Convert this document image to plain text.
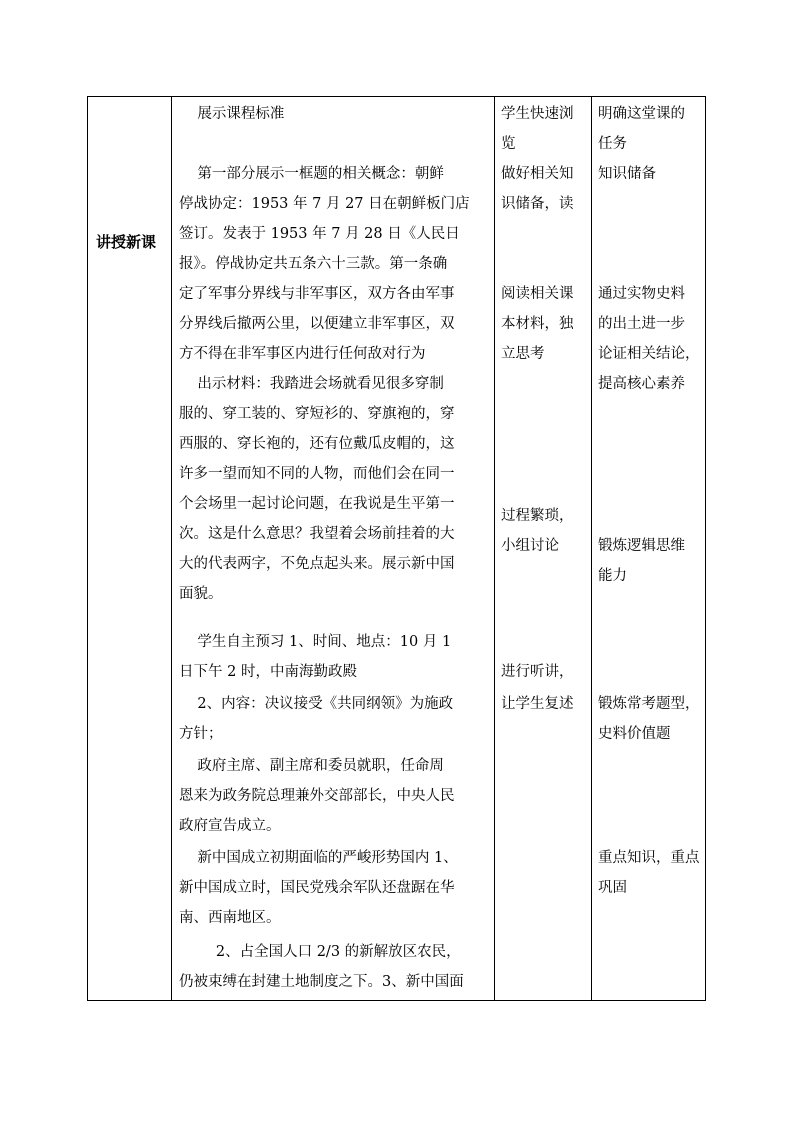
讲授新课
展示课程标准
第一部分展示一框题的相关概念：朝鲜
停战协定：1953 年 7 月 27 日在朝鲜板门店
签订。发表于 1953 年 7 月 28 日《人民日
报》。停战协定共五条六十三款。第一条确
定了军事分界线与非军事区，双方各由军事
分界线后撤两公里，以便建立非军事区，双
方不得在非军事区内进行任何敌对行为
出示材料：我踏进会场就看见很多穿制
服的、穿工装的、穿短衫的、穿旗袍的，穿
西服的、穿长袍的，还有位戴瓜皮帽的，这
许多一望而知不同的人物，而他们会在同一
个会场里一起讨论问题，在我说是生平第一
次。这是什么意思？我望着会场前挂着的大
大的代表两字，不免点起头来。展示新中国
面貌。
学生自主预习 1、时间、地点：10 月 1
日下午 2 时，中南海勤政殿
2、内容：决议接受《共同纲领》为施政
方针；
政府主席、副主席和委员就职，任命周
恩来为政务院总理兼外交部部长，中央人民
政府宣告成立。
新中国成立初期面临的严峻形势国内 1、
新中国成立时，国民党残余军队还盘踞在华
南、西南地区。
2、占全国人口 2/3 的新解放区农民，
仍被束缚在封建土地制度之下。3、新中国面
学生快速浏
览
做好相关知
识储备，读
阅读相关课
本材料，独
立思考
过程繁琐，
小组讨论
进行听讲，
让学生复述
明确这堂课的
任务
知识储备
通过实物史料
的出土进一步
论证相关结论，
提高核心素养
锻炼逻辑思维
能力
锻炼常考题型，
史料价值题
重点知识，重点
巩固
